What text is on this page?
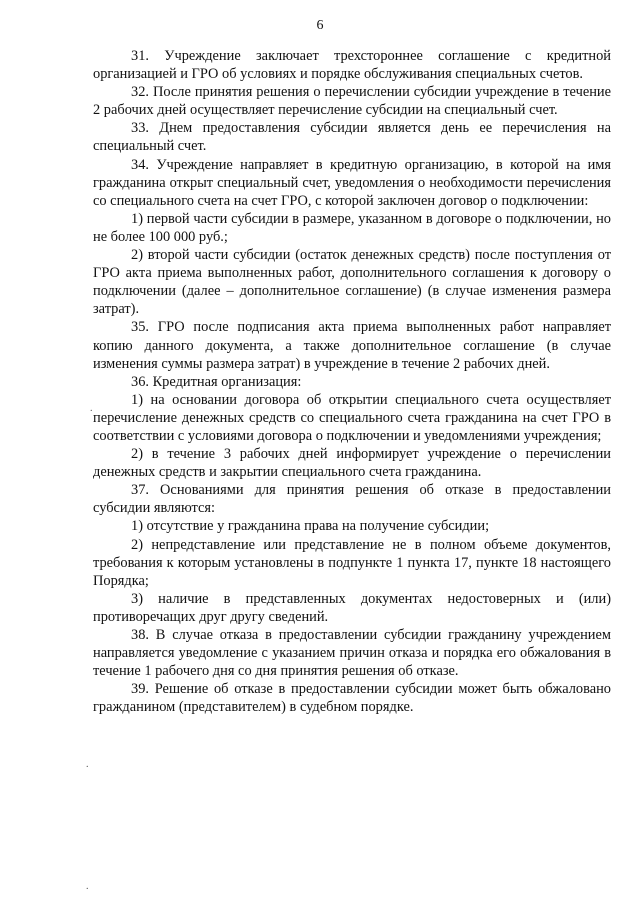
6

31. Учреждение заключает трехстороннее соглашение с кредитной организацией и ГРО об условиях и порядке обслуживания специальных счетов.

32. После принятия решения о перечислении субсидии учреждение в течение 2 рабочих дней осуществляет перечисление субсидии на специальный счет.

33. Днем предоставления субсидии является день ее перечисления на специальный счет.

34. Учреждение направляет в кредитную организацию, в которой на имя гражданина открыт специальный счет, уведомления о необходимости перечисления со специального счета на счет ГРО, с которой заключен договор о подключении:

1) первой части субсидии в размере, указанном в договоре о подключении, но не более 100 000 руб.;

2) второй части субсидии (остаток денежных средств) после поступления от ГРО акта приема выполненных работ, дополнительного соглашения к договору о подключении (далее – дополнительное соглашение) (в случае изменения размера затрат).

35. ГРО после подписания акта приема выполненных работ направляет копию данного документа, а также дополнительное соглашение (в случае изменения суммы размера затрат) в учреждение в течение 2 рабочих дней.

36. Кредитная организация:

1) на основании договора об открытии специального счета осуществляет перечисление денежных средств со специального счета гражданина на счет ГРО в соответствии с условиями договора о подключении и уведомлениями учреждения;

2) в течение 3 рабочих дней информирует учреждение о перечислении денежных средств и закрытии специального счета гражданина.

37. Основаниями для принятия решения об отказе в предоставлении субсидии являются:

1) отсутствие у гражданина права на получение субсидии;

2) непредставление или представление не в полном объеме документов, требования к которым установлены в подпункте 1 пункта 17, пункте 18 настоящего Порядка;

3) наличие в представленных документах недостоверных и (или) противоречащих друг другу сведений.

38. В случае отказа в предоставлении субсидии гражданину учреждением направляется уведомление с указанием причин отказа и порядка его обжалования в течение 1 рабочего дня со дня принятия решения об отказе.

39. Решение об отказе в предоставлении субсидии может быть обжаловано гражданином (представителем) в судебном порядке.

.
.
.
